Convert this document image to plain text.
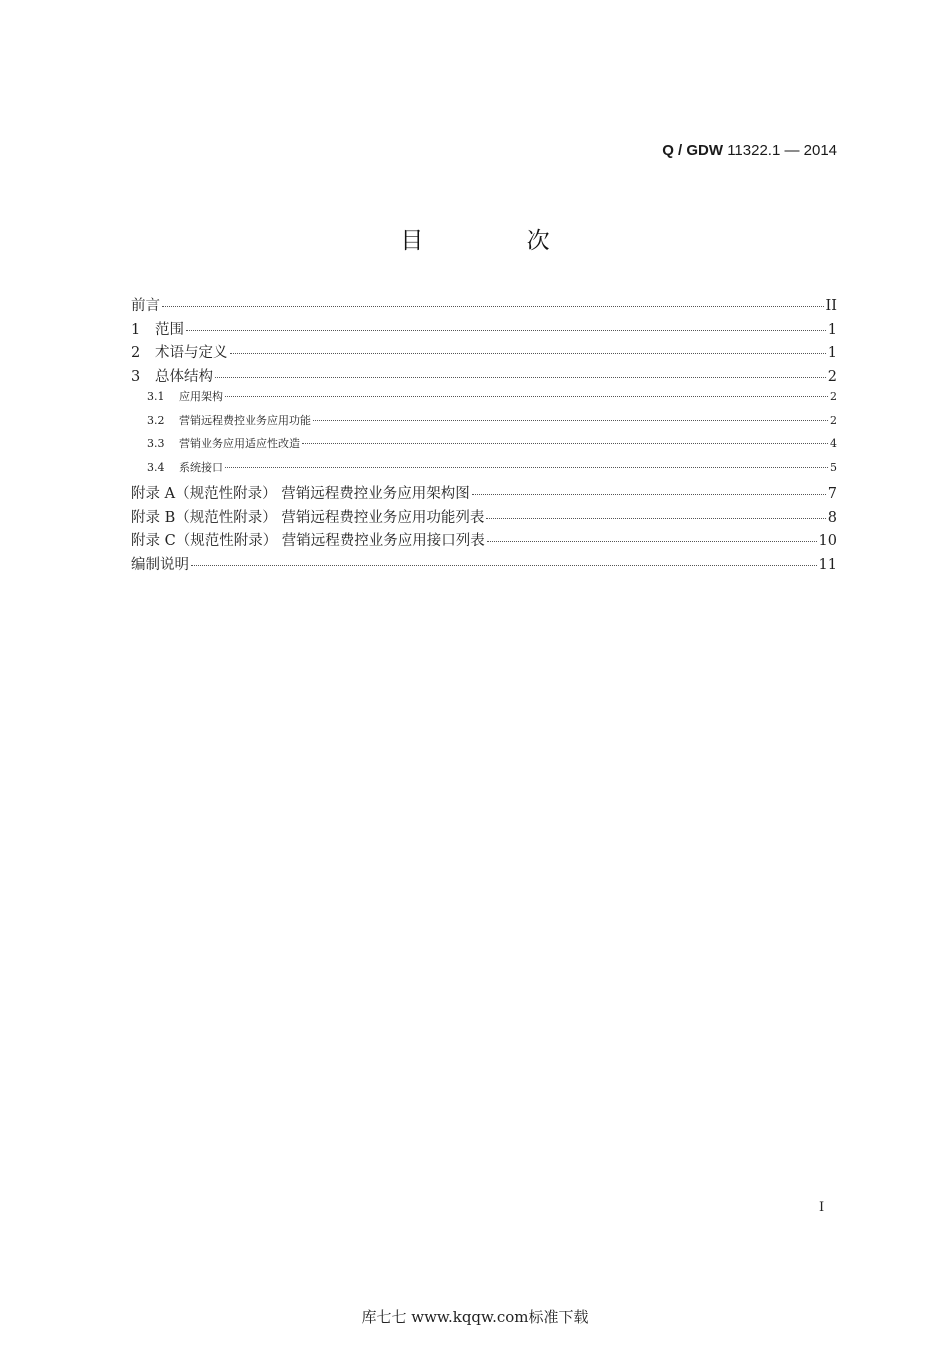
Q / GDW 11322.1 — 2014
目 次
前言	II
1	范围	1
2	术语与定义	1
3	总体结构	2
3.1	应用架构	2
3.2	营销远程费控业务应用功能	2
3.3	营销业务应用适应性改造	4
3.4	系统接口	5
附录 A（规范性附录） 营销远程费控业务应用架构图	7
附录 B（规范性附录） 营销远程费控业务应用功能列表	8
附录 C（规范性附录） 营销远程费控业务应用接口列表	10
编制说明	11
I
库七七 www.kqqw.com标准下载
